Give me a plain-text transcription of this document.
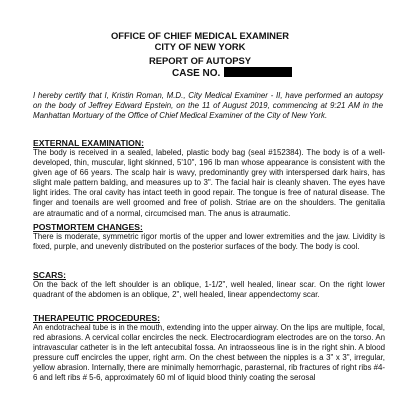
OFFICE OF CHIEF MEDICAL EXAMINER
CITY OF NEW YORK
REPORT OF AUTOPSY
CASE NO.
I hereby certify that I, Kristin Roman, M.D., City Medical Examiner - II, have performed an autopsy on the body of Jeffrey Edward Epstein, on the 11 of August 2019, commencing at 9:21 AM in the Manhattan Mortuary of the Office of Chief Medical Examiner of the City of New York.
EXTERNAL EXAMINATION:

The body is received in a sealed, labeled, plastic body bag (seal #152384). The body is of a well-developed, thin, muscular, light skinned, 5'10", 196 lb man whose appearance is consistent with the given age of 66 years. The scalp hair is wavy, predominantly grey with interspersed dark hairs, has slight male pattern balding, and measures up to 3". The facial hair is cleanly shaven. The eyes have light irides. The oral cavity has intact teeth in good repair. The tongue is free of natural disease. The finger and toenails are well groomed and free of polish. Striae are on the shoulders. The genitalia are atraumatic and of a normal, circumcised man. The anus is atraumatic.

POSTMORTEM CHANGES:

There is moderate, symmetric rigor mortis of the upper and lower extremities and the jaw. Lividity is fixed, purple, and unevenly distributed on the posterior surfaces of the body. The body is cool.

SCARS:

On the back of the left shoulder is an oblique, 1-1/2", well healed, linear scar. On the right lower quadrant of the abdomen is an oblique, 2", well healed, linear appendectomy scar.

THERAPEUTIC PROCEDURES:

An endotracheal tube is in the mouth, extending into the upper airway. On the lips are multiple, focal, red abrasions. A cervical collar encircles the neck. Electrocardiogram electrodes are on the torso. An intravascular catheter is in the left antecubital fossa. An intraosseous line is in the right shin. A blood pressure cuff encircles the upper, right arm. On the chest between the nipples is a 3" x 3", irregular, yellow abrasion. Internally, there are minimally hemorrhagic, parasternal, rib fractures of right ribs #4-6 and left ribs # 5-6, approximately 60 ml of liquid blood thinly coating the serosal
